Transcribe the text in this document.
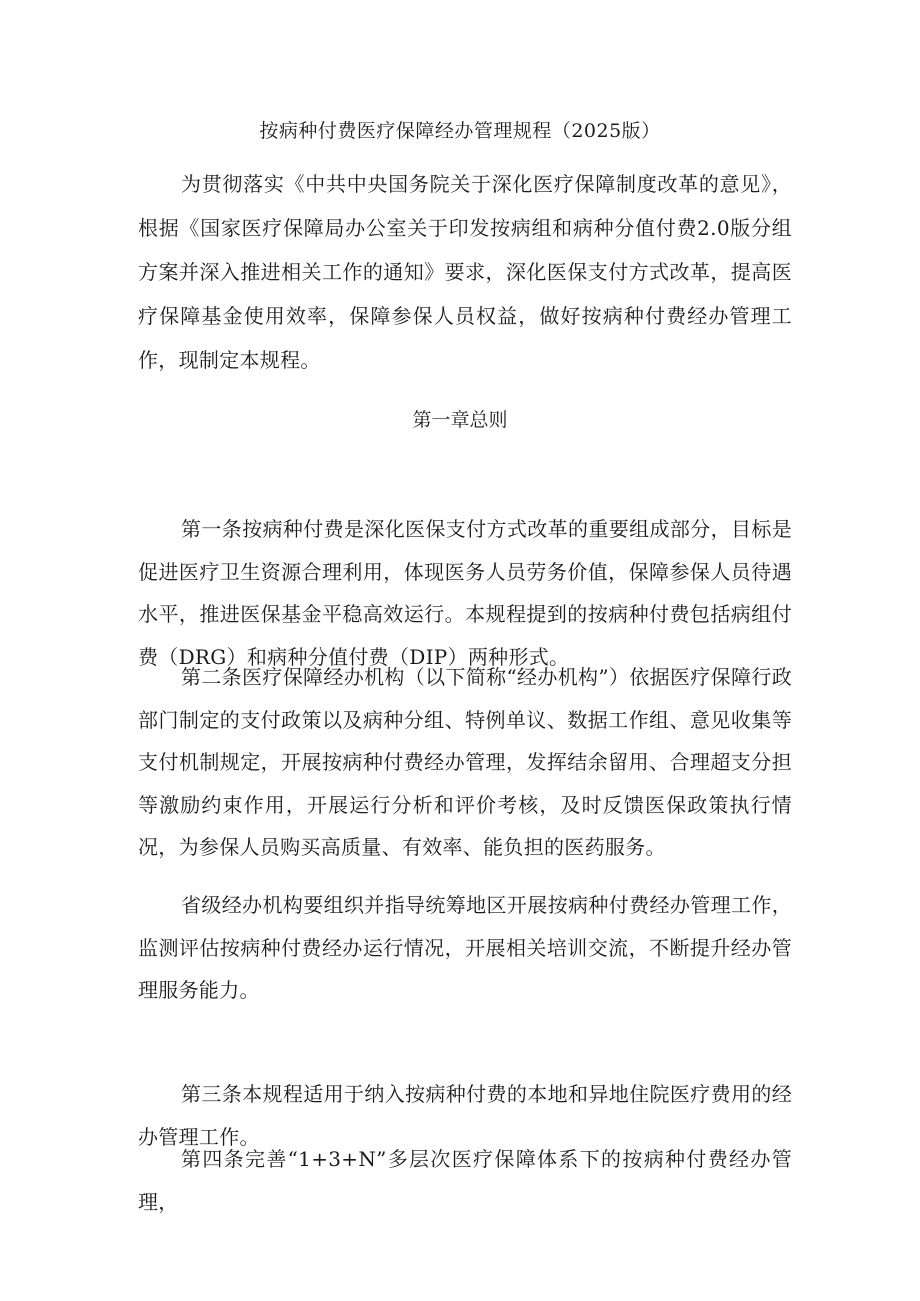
按病种付费医疗保障经办管理规程（2025版）
为贯彻落实《中共中央国务院关于深化医疗保障制度改革的意见》，根据《国家医疗保障局办公室关于印发按病组和病种分值付费2.0版分组方案并深入推进相关工作的通知》要求，深化医保支付方式改革，提高医疗保障基金使用效率，保障参保人员权益，做好按病种付费经办管理工作，现制定本规程。
第一章总则
第一条按病种付费是深化医保支付方式改革的重要组成部分，目标是促进医疗卫生资源合理利用，体现医务人员劳务价值，保障参保人员待遇水平，推进医保基金平稳高效运行。本规程提到的按病种付费包括病组付费（DRG）和病种分值付费（DIP）两种形式。
第二条医疗保障经办机构（以下简称“经办机构”）依据医疗保障行政部门制定的支付政策以及病种分组、特例单议、数据工作组、意见收集等支付机制规定，开展按病种付费经办管理，发挥结余留用、合理超支分担等激励约束作用，开展运行分析和评价考核，及时反馈医保政策执行情况，为参保人员购买高质量、有效率、能负担的医药服务。
省级经办机构要组织并指导统筹地区开展按病种付费经办管理工作，监测评估按病种付费经办运行情况，开展相关培训交流，不断提升经办管理服务能力。
第三条本规程适用于纳入按病种付费的本地和异地住院医疗费用的经办管理工作。
第四条完善“1+3+N”多层次医疗保障体系下的按病种付费经办管理，
